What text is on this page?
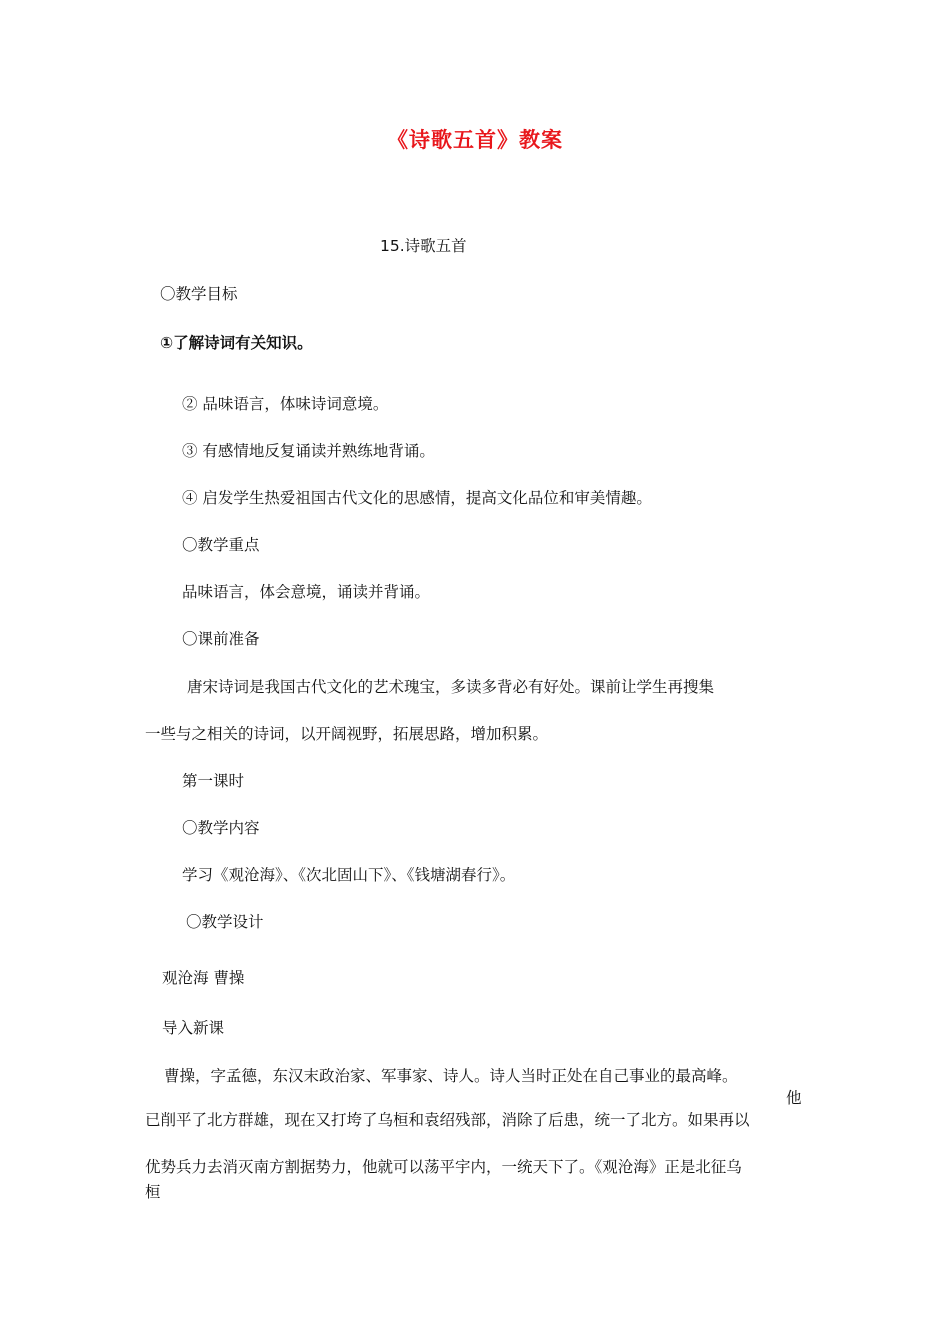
《诗歌五首》教案
15.诗歌五首
〇教学目标
①了解诗词有关知识。
② 品味语言，体味诗词意境。
③ 有感情地反复诵读并熟练地背诵。
④ 启发学生热爱祖国古代文化的思感情，提高文化品位和审美情趣。
〇教学重点
品味语言，体会意境，诵读并背诵。
〇课前准备
唐宋诗词是我国古代文化的艺术瑰宝，多读多背必有好处。课前让学生再搜集
一些与之相关的诗词，以开阔视野，拓展思路，增加积累。
第一课时
〇教学内容
学习《观沧海》、《次北固山下》、《钱塘湖春行》。
〇教学设计
观沧海 曹操
导入新课
曹操，字孟德，东汉末政治家、军事家、诗人。诗人当时正处在自己事业的最高峰。
他
已削平了北方群雄，现在又打垮了乌桓和袁绍残部，消除了后患，统一了北方。如果再以
优势兵力去消灭南方割据势力，他就可以荡平宇内，一统天下了。《观沧海》正是北征乌
桓
